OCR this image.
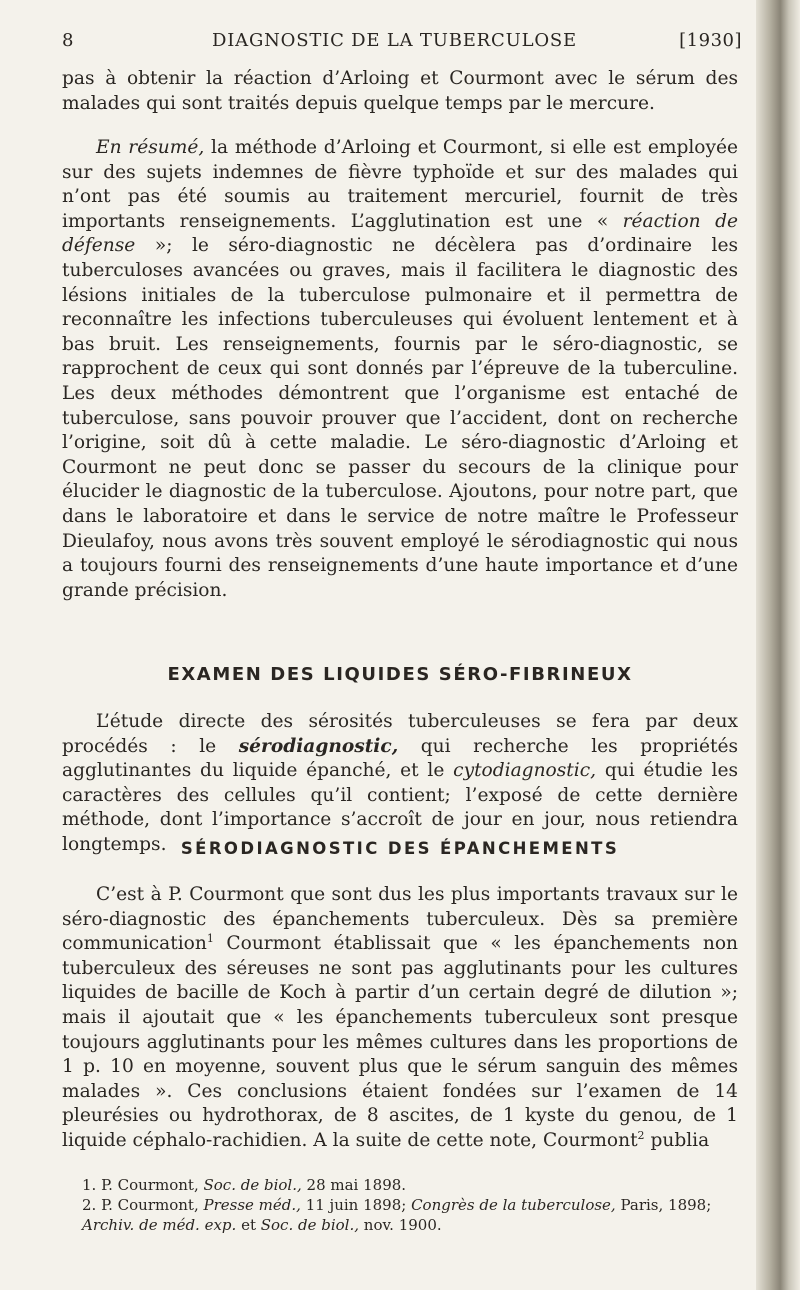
8	DIAGNOSTIC DE LA TUBERCULOSE	[1930]
pas à obtenir la réaction d’Arloing et Courmont avec le sérum des malades qui sont traités depuis quelque temps par le mercure.
En résumé, la méthode d’Arloing et Courmont, si elle est employée sur des sujets indemnes de fièvre typhoïde et sur des malades qui n’ont pas été soumis au traitement mercuriel, fournit de très importants renseignements. L’agglutination est une « réaction de défense »; le séro-diagnostic ne décèlera pas d’ordinaire les tuberculoses avancées ou graves, mais il facilitera le diagnostic des lésions initiales de la tuberculose pulmonaire et il permettra de reconnaître les infections tuberculeuses qui évoluent lentement et à bas bruit. Les renseignements, fournis par le séro-diagnostic, se rapprochent de ceux qui sont donnés par l’épreuve de la tuberculine. Les deux méthodes démontrent que l’organisme est entaché de tuberculose, sans pouvoir prouver que l’accident, dont on recherche l’origine, soit dû à cette maladie. Le séro-diagnostic d’Arloing et Courmont ne peut donc se passer du secours de la clinique pour élucider le diagnostic de la tuberculose. Ajoutons, pour notre part, que dans le laboratoire et dans le service de notre maître le Professeur Dieulafoy, nous avons très souvent employé le sérodiagnostic qui nous a toujours fourni des renseignements d’une haute importance et d’une grande précision.
EXAMEN DES LIQUIDES SÉRO-FIBRINEUX
L’étude directe des sérosités tuberculeuses se fera par deux procédés : le sérodiagnostic, qui recherche les propriétés agglutinantes du liquide épanché, et le cytodiagnostic, qui étudie les caractères des cellules qu’il contient; l’exposé de cette dernière méthode, dont l’importance s’accroît de jour en jour, nous retiendra longtemps. SÉRODIAGNOSTIC DES ÉPANCHEMENTS
C’est à P. Courmont que sont dus les plus importants travaux sur le séro-diagnostic des épanchements tuberculeux. Dès sa première communication$^1$ Courmont établissait que « les épanchements non tuberculeux des séreuses ne sont pas agglutinants pour les cultures liquides de bacille de Koch à partir d’un certain degré de dilution »; mais il ajoutait que « les épanchements tuberculeux sont presque toujours agglutinants pour les mêmes cultures dans les proportions de 1 p. 10 en moyenne, souvent plus que le sérum sanguin des mêmes malades ». Ces conclusions étaient fondées sur l’examen de 14 pleurésies ou hydrothorax, de 8 ascites, de 1 kyste du genou, de 1 liquide céphalo-rachidien. A la suite de cette note, Courmont$^2$ publia
1. P. Courmont, Soc. de biol., 28 mai 1898.
2. P. Courmont, Presse méd., 11 juin 1898; Congrès de la tuberculose, Paris, 1898; Archiv. de méd. exp. et Soc. de biol., nov. 1900.
